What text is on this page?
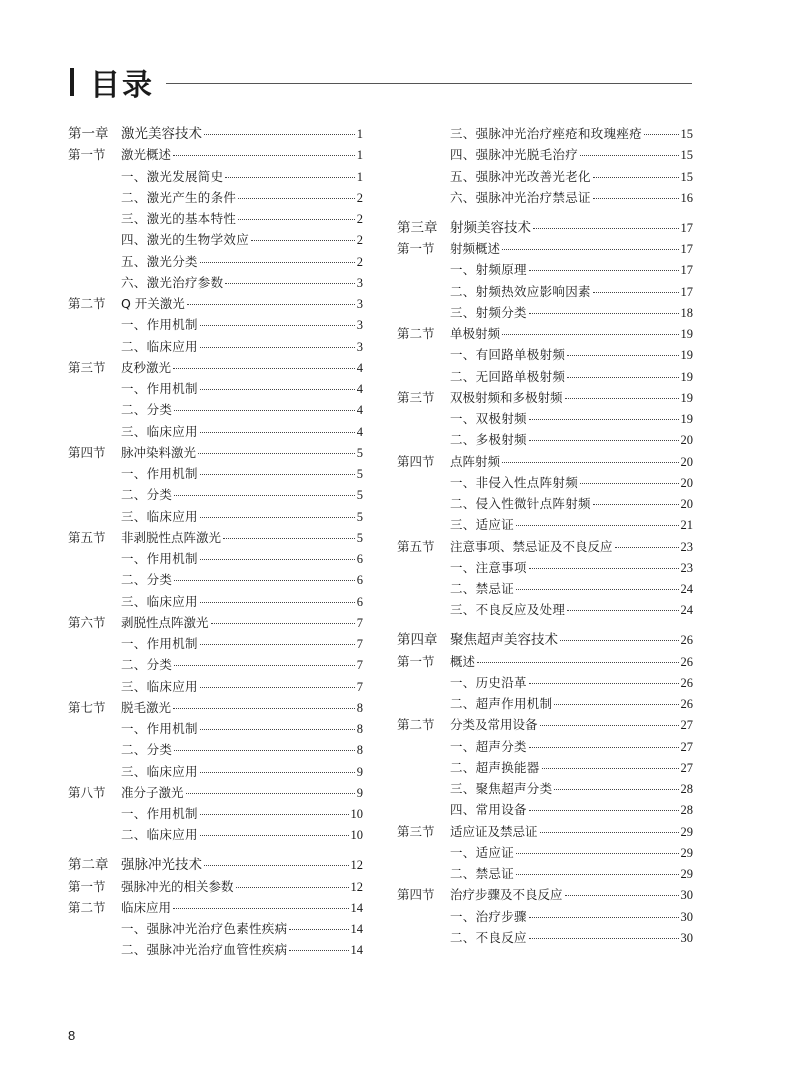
目录
第一章 激光美容技术	1
第一节	激光概述	1
一、激光发展简史	1
二、激光产生的条件	2
三、激光的基本特性	2
四、激光的生物学效应	2
五、激光分类	2
六、激光治疗参数	3
第二节	Q 开关激光	3
一、作用机制	3
二、临床应用	3
第三节	皮秒激光	4
一、作用机制	4
二、分类	4
三、临床应用	4
第四节	脉冲染料激光	5
一、作用机制	5
二、分类	5
三、临床应用	5
第五节	非剥脱性点阵激光	5
一、作用机制	6
二、分类	6
三、临床应用	6
第六节	剥脱性点阵激光	7
一、作用机制	7
二、分类	7
三、临床应用	7
第七节	脱毛激光	8
一、作用机制	8
二、分类	8
三、临床应用	9
第八节	准分子激光	9
一、作用机制	10
二、临床应用	10
第二章 强脉冲光技术	12
第一节	强脉冲光的相关参数	12
第二节	临床应用	14
一、强脉冲光治疗色素性疾病	14
二、强脉冲光治疗血管性疾病	14
三、强脉冲光治疗痤疮和玫瑰痤疮	15
四、强脉冲光脱毛治疗	15
五、强脉冲光改善光老化	15
六、强脉冲光治疗禁忌证	16
第三章 射频美容技术	17
第一节	射频概述	17
一、射频原理	17
二、射频热效应影响因素	17
三、射频分类	18
第二节	单极射频	19
一、有回路单极射频	19
二、无回路单极射频	19
第三节	双极射频和多极射频	19
一、双极射频	19
二、多极射频	20
第四节	点阵射频	20
一、非侵入性点阵射频	20
二、侵入性微针点阵射频	20
三、适应证	21
第五节	注意事项、禁忌证及不良反应	23
一、注意事项	23
二、禁忌证	24
三、不良反应及处理	24
第四章 聚焦超声美容技术	26
第一节	概述	26
一、历史沿革	26
二、超声作用机制	26
第二节	分类及常用设备	27
一、超声分类	27
二、超声换能器	27
三、聚焦超声分类	28
四、常用设备	28
第三节	适应证及禁忌证	29
一、适应证	29
二、禁忌证	29
第四节	治疗步骤及不良反应	30
一、治疗步骤	30
二、不良反应	30
8
